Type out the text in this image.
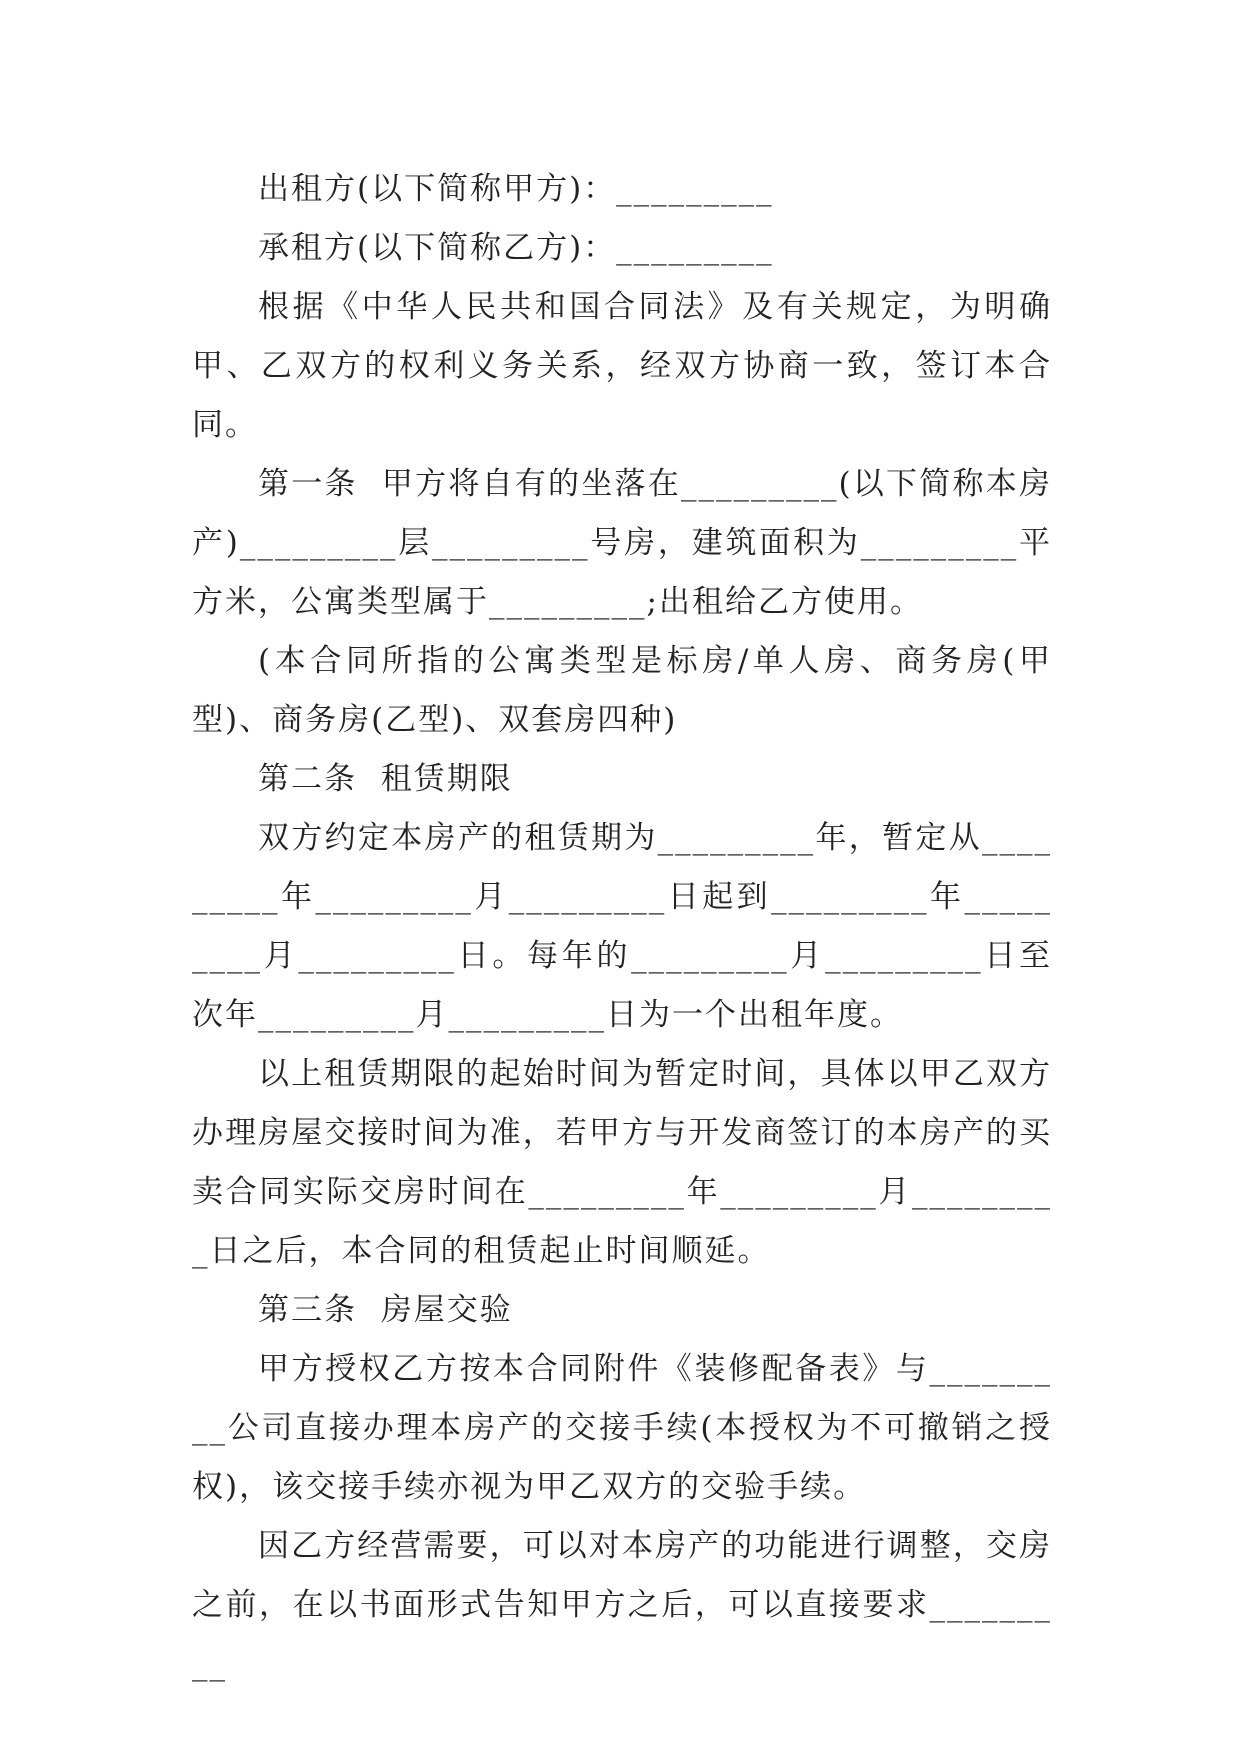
出租方(以下简称甲方)：_________

承租方(以下简称乙方)：_________

根据《中华人民共和国合同法》及有关规定，为明确甲、乙双方的权利义务关系，经双方协商一致，签订本合同。

第一条  甲方将自有的坐落在_________(以下简称本房产)_________层_________号房，建筑面积为_________平方米，公寓类型属于_________;出租给乙方使用。

(本合同所指的公寓类型是标房/单人房、商务房(甲型)、商务房(乙型)、双套房四种)

第二条  租赁期限

双方约定本房产的租赁期为_________年，暂定从_________年_________月_________日起到_________年_________月_________日。每年的_________月_________日至次年_________月_________日为一个出租年度。

以上租赁期限的起始时间为暂定时间，具体以甲乙双方办理房屋交接时间为准，若甲方与开发商签订的本房产的买卖合同实际交房时间在_________年_________月_________日之后，本合同的租赁起止时间顺延。

第三条  房屋交验

甲方授权乙方按本合同附件《装修配备表》与_________公司直接办理本房产的交接手续(本授权为不可撤销之授权)，该交接手续亦视为甲乙双方的交验手续。

因乙方经营需要，可以对本房产的功能进行调整，交房之前，在以书面形式告知甲方之后，可以直接要求_________
